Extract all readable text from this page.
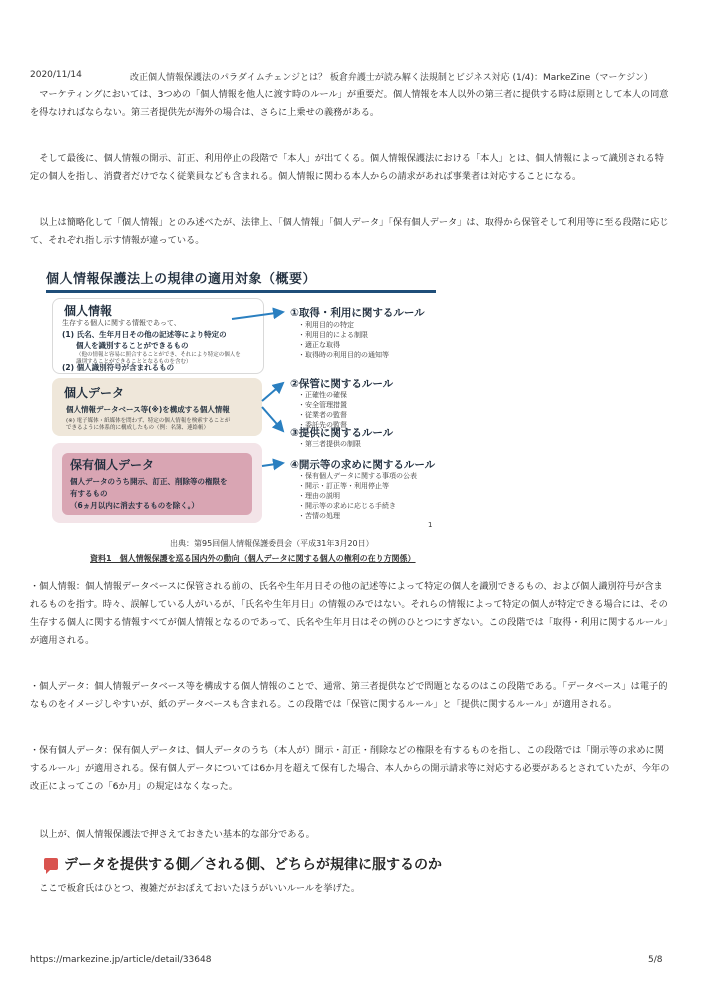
2020/11/14	改正個人情報保護法のパラダイムチェンジとは？ 板倉弁護士が読み解く法規制とビジネス対応 (1/4)：MarkeZine（マーケジン）
マーケティングにおいては、3つめの「個人情報を他人に渡す時のルール」が重要だ。個人情報を本人以外の第三者に提供する時は原則として本人の同意を得なければならない。第三者提供先が海外の場合は、さらに上乗せの義務がある。
そして最後に、個人情報の開示、訂正、利用停止の段階で「本人」が出てくる。個人情報保護法における「本人」とは、個人情報によって識別される特定の個人を指し、消費者だけでなく従業員なども含まれる。個人情報に関わる本人からの請求があれば事業者は対応することになる。
以上は簡略化して「個人情報」とのみ述べたが、法律上、「個人情報」「個人データ」「保有個人データ」は、取得から保管そして利用等に至る段階に応じて、それぞれ指し示す情報が違っている。
個人情報保護法上の規律の適用対象（概要）
個人情報
生存する個人に関する情報であって、
(1) 氏名、生年月日その他の記述等により特定の
個人を識別することができるもの
（他の情報と容易に照合することができ、それにより特定の個人を
識別することができることとなるものを含む）
(2) 個人識別符号が含まれるもの
個人データ
個人情報データベース等(※)を構成する個人情報
(※) 電子媒体・紙媒体を問わず、特定の個人情報を検索することが
できるように体系的に構成したもの（例：名簿、連絡帳）
保有個人データ
個人データのうち開示、訂正、削除等の権限を
有するもの
（6ヵ月以内に消去するものを除く。）
①取得・利用に関するルール
・利用目的の特定
・利用目的による制限
・適正な取得
・取得時の利用目的の通知等
②保管に関するルール
・正確性の確保
・安全管理措置
・従業者の監督
・委託先の監督
③提供に関するルール
・第三者提供の制限
④開示等の求めに関するルール
・保有個人データに関する事項の公表
・開示・訂正等・利用停止等
・理由の説明
・開示等の求めに応じる手続き
・苦情の処理
1
出典：第95回個人情報保護委員会（平成31年3月20日）
資料1　個人情報保護を巡る国内外の動向（個人データに関する個人の権利の在り方関係）
・個人情報：個人情報データベースに保管される前の、氏名や生年月日その他の記述等によって特定の個人を識別できるもの、および個人識別符号が含まれるものを指す。時々、誤解している人がいるが、「氏名や生年月日」の情報のみではない。それらの情報によって特定の個人が特定できる場合には、その生存する個人に関する情報すべてが個人情報となるのであって、氏名や生年月日はその例のひとつにすぎない。この段階では「取得・利用に関するルール」が適用される。
・個人データ：個人情報データベース等を構成する個人情報のことで、通常、第三者提供などで問題となるのはこの段階である。「データベース」は電子的なものをイメージしやすいが、紙のデータベースも含まれる。この段階では「保管に関するルール」と「提供に関するルール」が適用される。
・保有個人データ：保有個人データは、個人データのうち（本人が）開示・訂正・削除などの権限を有するものを指し、この段階では「開示等の求めに関するルール」が適用される。保有個人データについては6か月を超えて保有した場合、本人からの開示請求等に対応する必要があるとされていたが、今年の改正によってこの「6か月」の規定はなくなった。
以上が、個人情報保護法で押さえておきたい基本的な部分である。
データを提供する側／される側、どちらが規律に服するのか
ここで板倉氏はひとつ、複雑だがおぼえておいたほうがいいルールを挙げた。
https://markezine.jp/article/detail/33648	5/8
